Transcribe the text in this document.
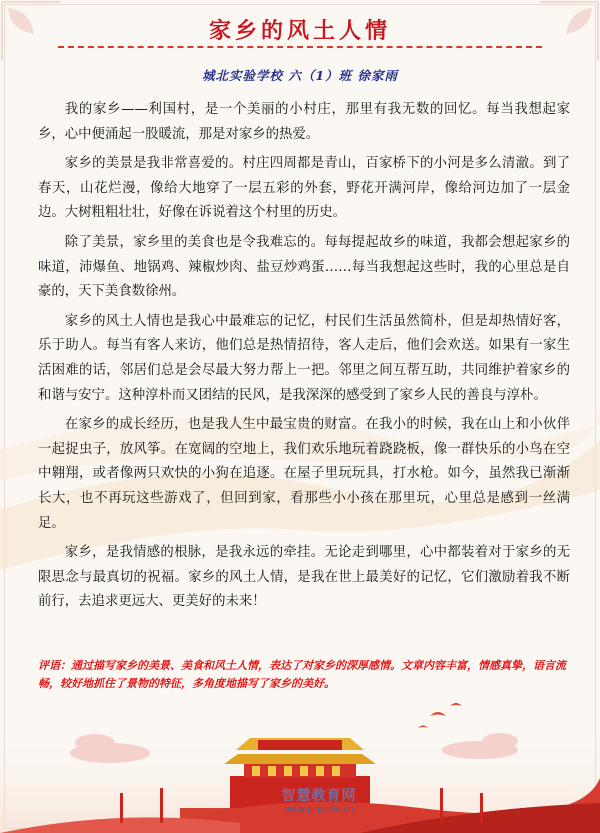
家乡的风土人情
城北实验学校 六（1）班 徐家雨

我的家乡——利国村，是一个美丽的小村庄，那里有我无数的回忆。每当我想起家乡，心中便涌起一股暖流，那是对家乡的热爱。

家乡的美景是我非常喜爱的。村庄四周都是青山，百家桥下的小河是多么清澈。到了春天，山花烂漫，像给大地穿了一层五彩的外套，野花开满河岸，像给河边加了一层金边。大树粗粗壮壮，好像在诉说着这个村里的历史。

除了美景，家乡里的美食也是令我难忘的。每每提起故乡的味道，我都会想起家乡的味道，沛爆鱼、地锅鸡、辣椒炒肉、盐豆炒鸡蛋……每当我想起这些时，我的心里总是自豪的，天下美食数徐州。

家乡的风土人情也是我心中最难忘的记忆，村民们生活虽然简朴，但是却热情好客，乐于助人。每当有客人来访，他们总是热情招待，客人走后，他们会欢送。如果有一家生活困难的话，邻居们总是会尽最大努力帮上一把。邻里之间互帮互助，共同维护着家乡的和谐与安宁。这种淳朴而又团结的民风，是我深深的感受到了家乡人民的善良与淳朴。

在家乡的成长经历，也是我人生中最宝贵的财富。在我小的时候，我在山上和小伙伴一起捉虫子，放风筝。在宽阔的空地上，我们欢乐地玩着跷跷板，像一群快乐的小鸟在空中翱翔，或者像两只欢快的小狗在追逐。在屋子里玩玩具，打水枪。如今，虽然我已渐渐长大，也不再玩这些游戏了，但回到家，看那些小小孩在那里玩，心里总是感到一丝满足。

家乡，是我情感的根脉，是我永远的牵挂。无论走到哪里，心中都装着对于家乡的无限思念与最真切的祝福。家乡的风土人情，是我在世上最美好的记忆，它们激励着我不断前行，去追求更远大、更美好的未来！

评语：通过描写家乡的美景、美食和风土人情，表达了对家乡的深厚感情。文章内容丰富，情感真挚，语言流畅，较好地抓住了景物的特征，多角度地描写了家乡的美好。
智慧教育网
www.pcjyedu.cn
